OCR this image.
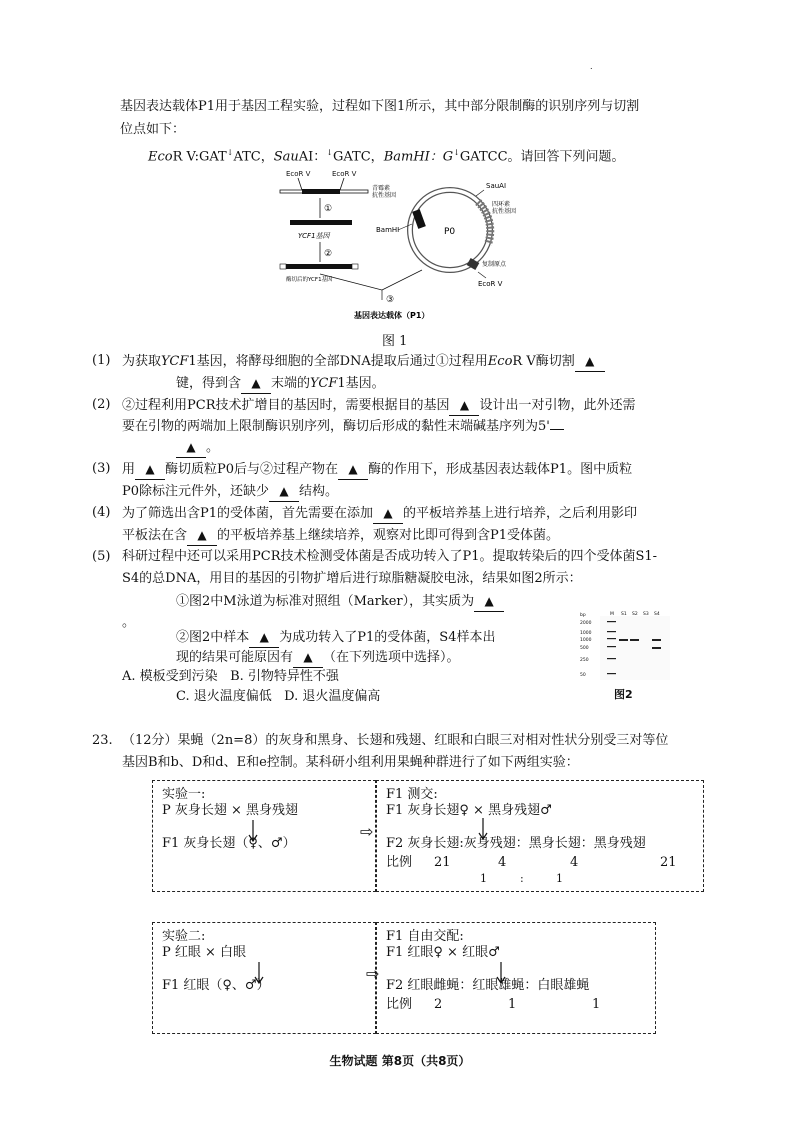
.
基因表达载体P1用于基因工程实验，过程如下图1所示，其中部分限制酶的识别序列与切割
位点如下：
EcoR V:GAT↓ATC，SauAI：↓GATC，BamHI：G↓GATCC。请回答下列问题。
EcoR V	EcoR V
青霉素
抗性基因
①
YCF1基因
②
酶切后的YCF1基因
P0
SauAI
四环素
抗性基因
BamHI
复制原点
EcoR V
③
基因表达载体（P1）
图 1
(1) 为获取YCF1基因，将酵母细胞的全部DNA提取后通过①过程用EcoR V酶切割 ▲
键，得到含 ▲ 末端的YCF1基因。
(2) ②过程利用PCR技术扩增目的基因时，需要根据目的基因 ▲ 设计出一对引物，此外还需
要在引物的两端加上限制酶识别序列，酶切后形成的黏性末端碱基序列为5'
▲ 。
(3) 用 ▲ 酶切质粒P0后与②过程产物在 ▲ 酶的作用下，形成基因表达载体P1。图中质粒
P0除标注元件外，还缺少 ▲ 结构。
(4) 为了筛选出含P1的受体菌，首先需要在添加 ▲ 的平板培养基上进行培养，之后利用影印
平板法在含 ▲ 的平板培养基上继续培养，观察对比即可得到含P1受体菌。
(5) 科研过程中还可以采用PCR技术检测受体菌是否成功转入了P1。提取转染后的四个受体菌S1-
S4的总DNA，用目的基因的引物扩增后进行琼脂糖凝胶电泳，结果如图2所示：
①图2中M泳道为标准对照组（Marker），其实质为 ▲
。
②图2中样本 ▲ 为成功转入了P1的受体菌，S4样本出
现的结果可能原因有 ▲ （在下列选项中选择）。
A. 模板受到污染 B. 引物特异性不强
C. 退火温度偏低 D. 退火温度偏高
bp	M S1 S2 S3 S4
2000
1000
1000
500
250
50
图2
23. （12分）果蝇（2n=8）的灰身和黑身、长翅和残翅、红眼和白眼三对相对性状分别受三对等位
基因B和b、D和d、E和e控制。某科研小组利用果蝇种群进行了如下两组实验：
实验一:
P 灰身长翅 × 黑身残翅
F1 灰身长翅（♀、♂）
⇨
F1 测交:
F1 灰身长翅♀ × 黑身残翅♂
F2 灰身长翅:灰身残翅：黑身长翅：黑身残翅
比例 21	4	4	21
1	:	1
实验二:
P 红眼 × 白眼
F1 红眼（♀、♂）
⇨
F1 自由交配:
F1 红眼♀ × 红眼♂
F2 红眼雌蝇：红眼雄蝇：白眼雄蝇
比例 2	1	1
生物试题 第8页（共8页）
